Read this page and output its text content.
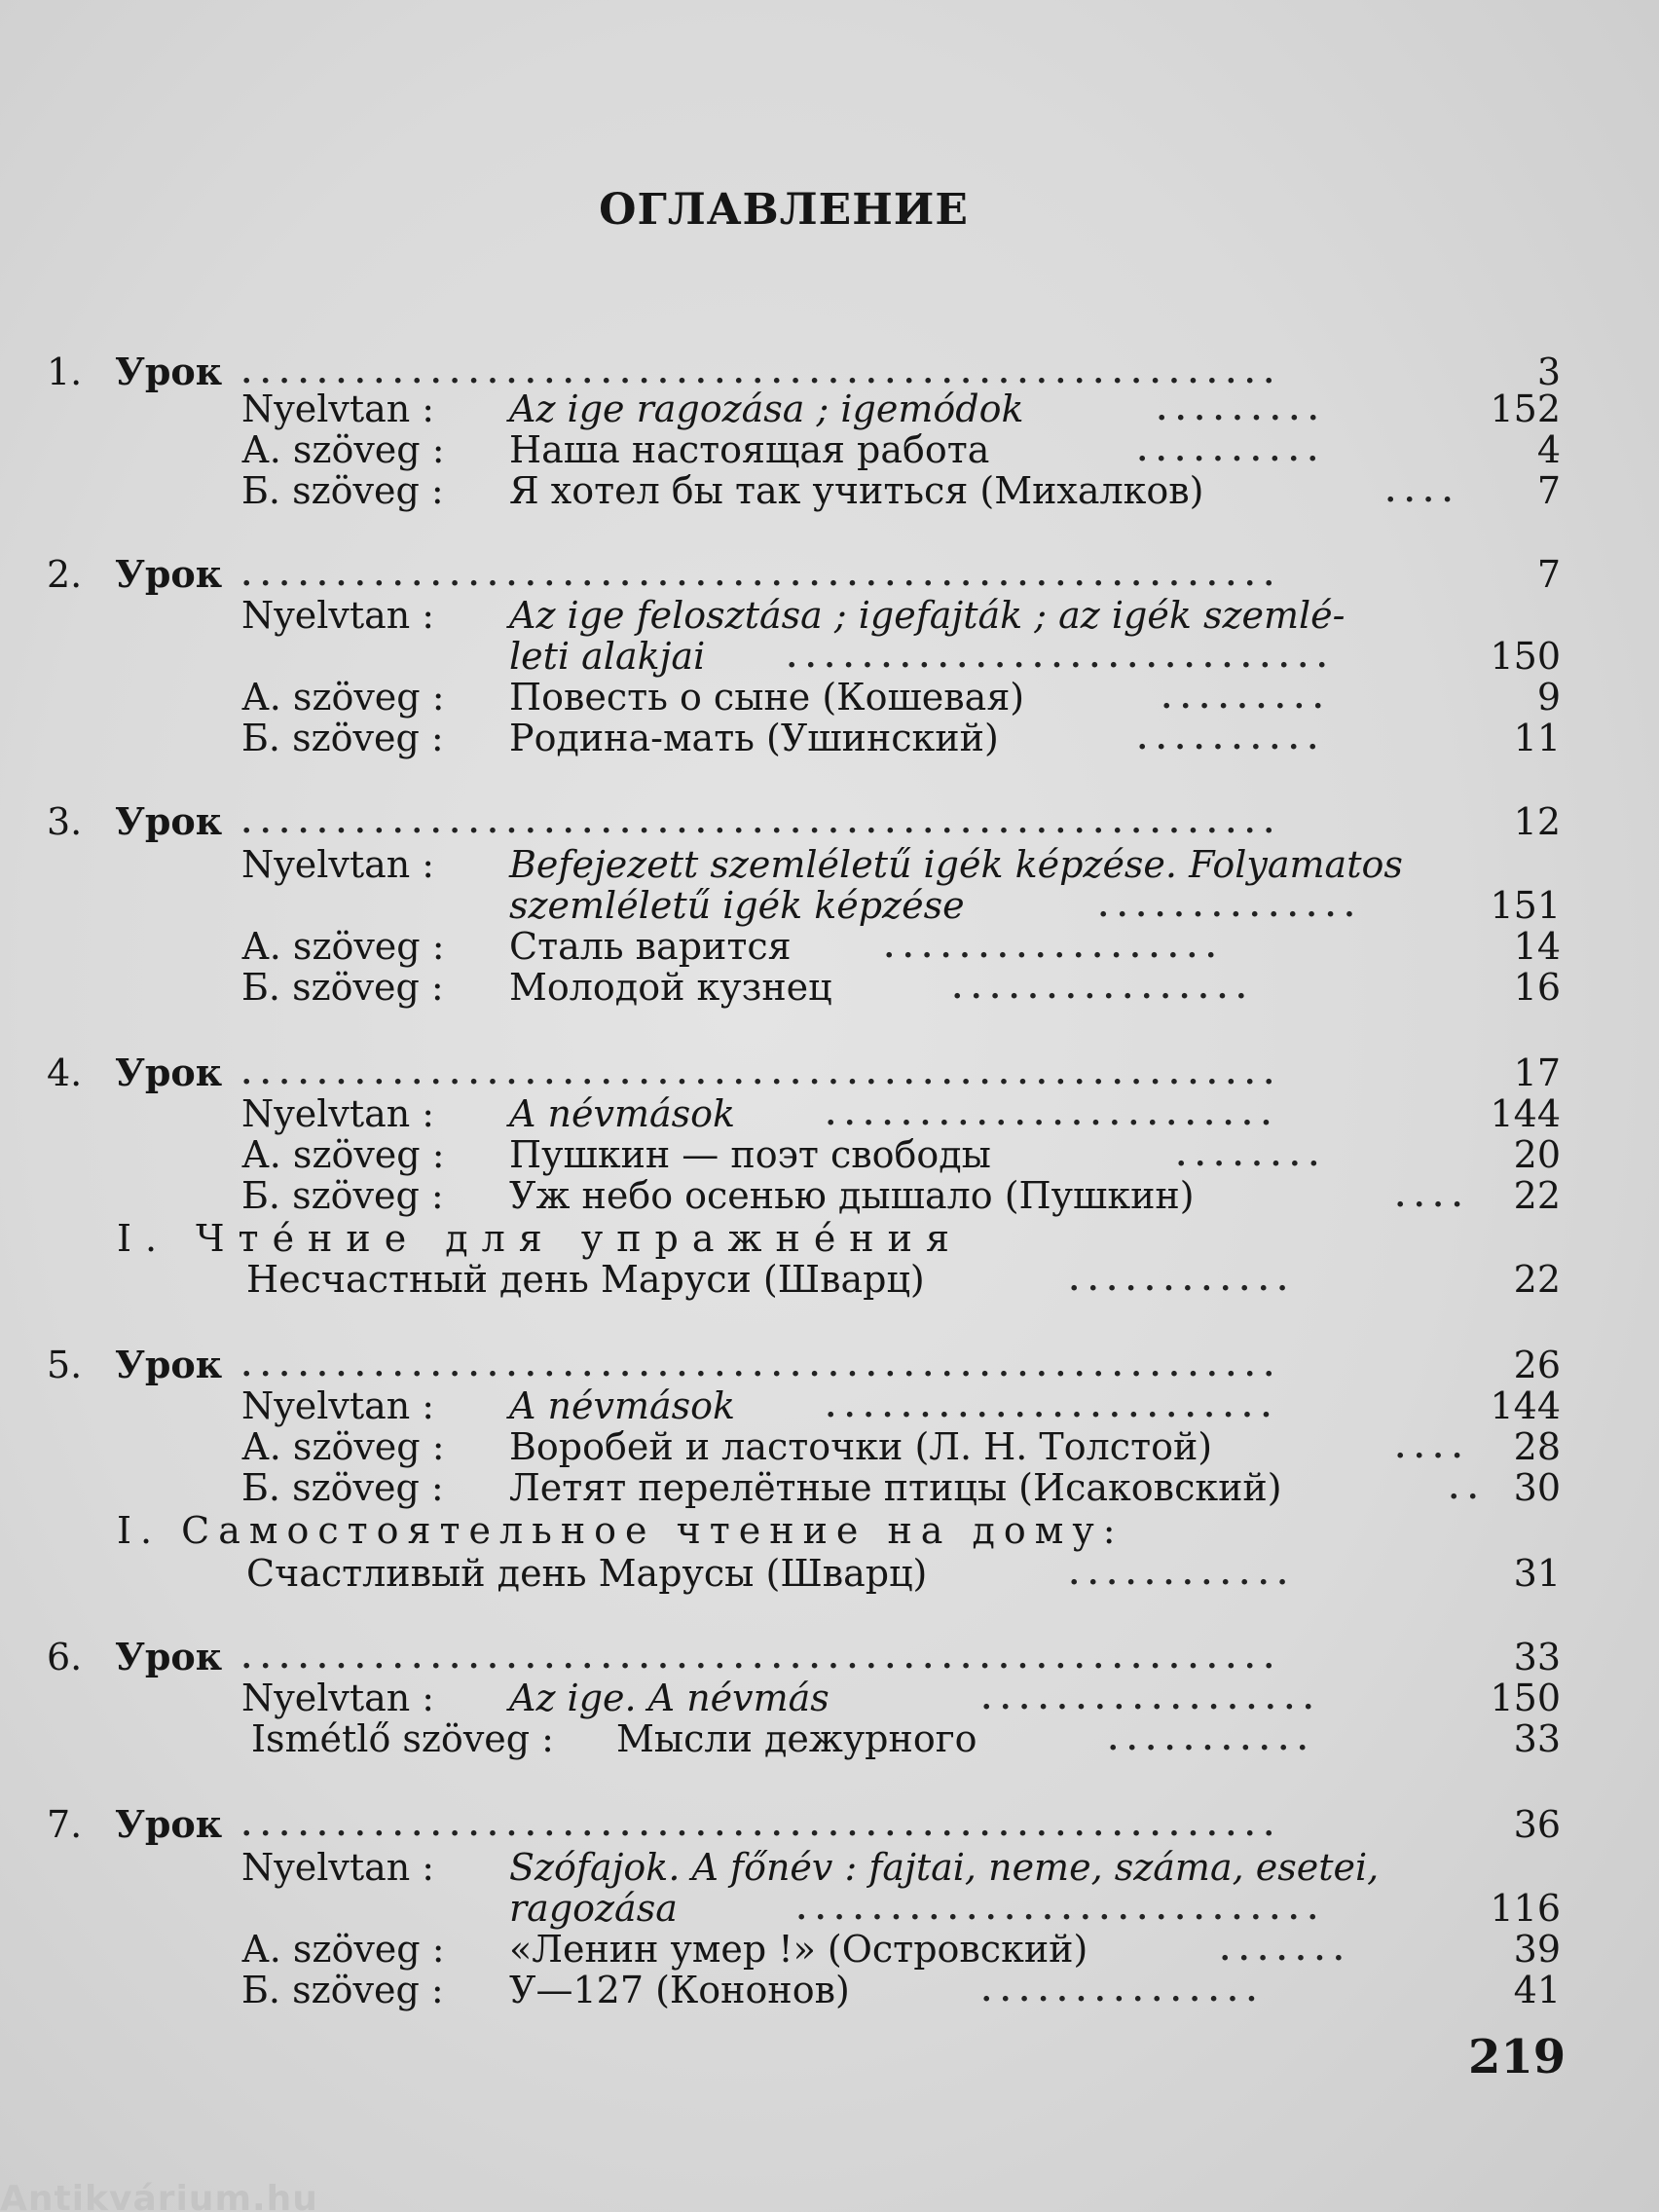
ОГЛАВЛЕНИЕ
1. Урок .......................................................	3
Nyelvtan : Az ige ragozása ; igemódok	.........	152
А. szöveg : Наша настоящая работа	..........	4
Б. szöveg : Я хотел бы так учиться (Михалков)	....	7
2. Урок .......................................................	7
Nyelvtan : Az ige felosztása ; igefajták ; az igék szemlé-
leti alakjai	.............................	150
А. szöveg : Повесть о сыне (Кошевая)	.........	9
Б. szöveg : Родина-мать (Ушинский)	..........	11
3. Урок .......................................................	12
Nyelvtan : Befejezett szemléletű igék képzése. Folyamatos
szemléletű igék képzése	..............	151
А. szöveg : Сталь варится	..................	14
Б. szöveg : Молодой кузнец	................	16
4. Урок .......................................................	17
Nyelvtan : A névmások	........................	144
А. szöveg : Пушкин — поэт свободы	........	20
Б. szöveg : Уж небо осенью дышало (Пушкин)	....	22
I. Чтéние для упражнéния
Несчастный день Маруси (Шварц)	............	22
5. Урок .......................................................	26
Nyelvtan : A névmások	........................	144
А. szöveg : Воробей и ласточки (Л. Н. Толстой)	....	28
Б. szöveg : Летят перелётные птицы (Исаковский)	.. 30
I. Самостоятельное чтение на дому:
Счастливый день Марусы (Шварц)	............	31
6. Урок .......................................................	33
Nyelvtan : Az ige. A névmás	..................	150
Ismétlő szöveg : Мысли дежурного	...........	33
7. Урок .......................................................	36
Nyelvtan : Szófajok. A főnév : fajtai, neme, száma, esetei,
ragozása	............................	116
А. szöveg : «Ленин умер !» (Островский)	.......	39
Б. szöveg : У—127 (Кононов)	...............	41
219
Antikvárium.hu
